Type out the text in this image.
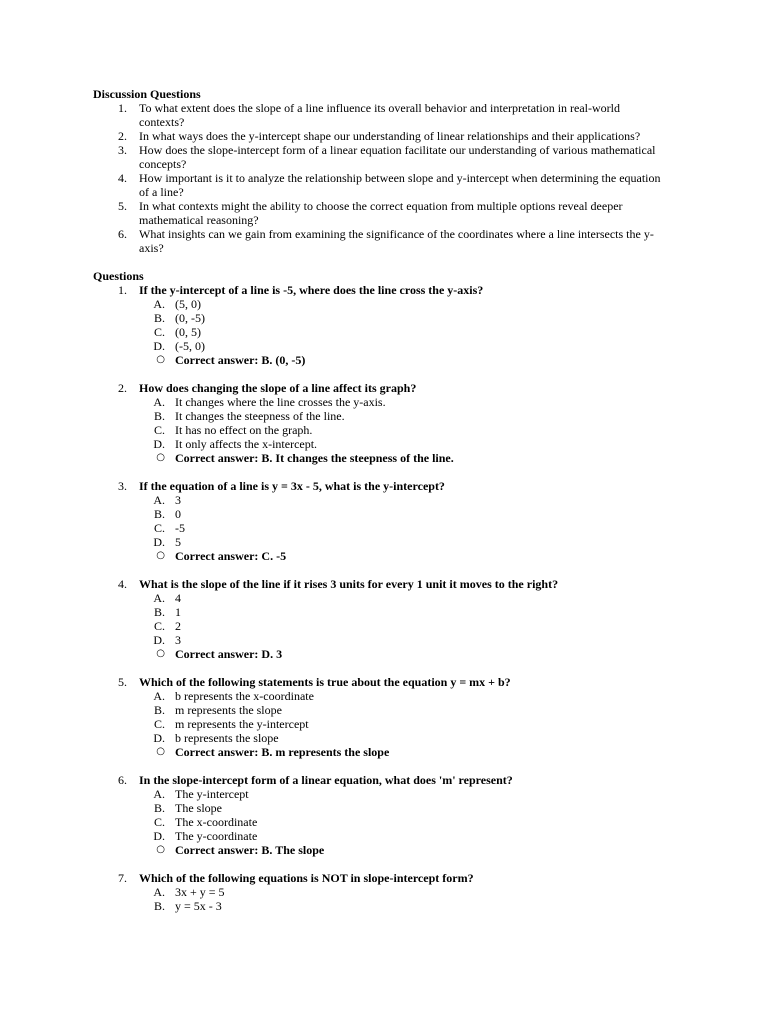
Discussion Questions

1.	To what extent does the slope of a line influence its overall behavior and interpretation in real-world contexts?
2.	In what ways does the y-intercept shape our understanding of linear relationships and their applications?
3.	How does the slope-intercept form of a linear equation facilitate our understanding of various mathematical concepts?
4.	How important is it to analyze the relationship between slope and y-intercept when determining the equation of a line?
5.	In what contexts might the ability to choose the correct equation from multiple options reveal deeper mathematical reasoning?
6.	What insights can we gain from examining the significance of the coordinates where a line intersects the y-axis?

Questions

1.	If the y-intercept of a line is -5, where does the line cross the y-axis?
A. (5, 0)
B. (0, -5)
C. (0, 5)
D. (-5, 0)
○ Correct answer: B. (0, -5)
2.	How does changing the slope of a line affect its graph?
A. It changes where the line crosses the y-axis.
B. It changes the steepness of the line.
C. It has no effect on the graph.
D. It only affects the x-intercept.
○ Correct answer: B. It changes the steepness of the line.
3.	If the equation of a line is y = 3x - 5, what is the y-intercept?
A. 3
B. 0
C. -5
D. 5
○ Correct answer: C. -5
4.	What is the slope of the line if it rises 3 units for every 1 unit it moves to the right?
A. 4
B. 1
C. 2
D. 3
○ Correct answer: D. 3
5.	Which of the following statements is true about the equation y = mx + b?
A. b represents the x-coordinate
B. m represents the slope
C. m represents the y-intercept
D. b represents the slope
○ Correct answer: B. m represents the slope
6.	In the slope-intercept form of a linear equation, what does 'm' represent?
A. The y-intercept
B. The slope
C. The x-coordinate
D. The y-coordinate
○ Correct answer: B. The slope
7.	Which of the following equations is NOT in slope-intercept form?
A. 3x + y = 5
B. y = 5x - 3
